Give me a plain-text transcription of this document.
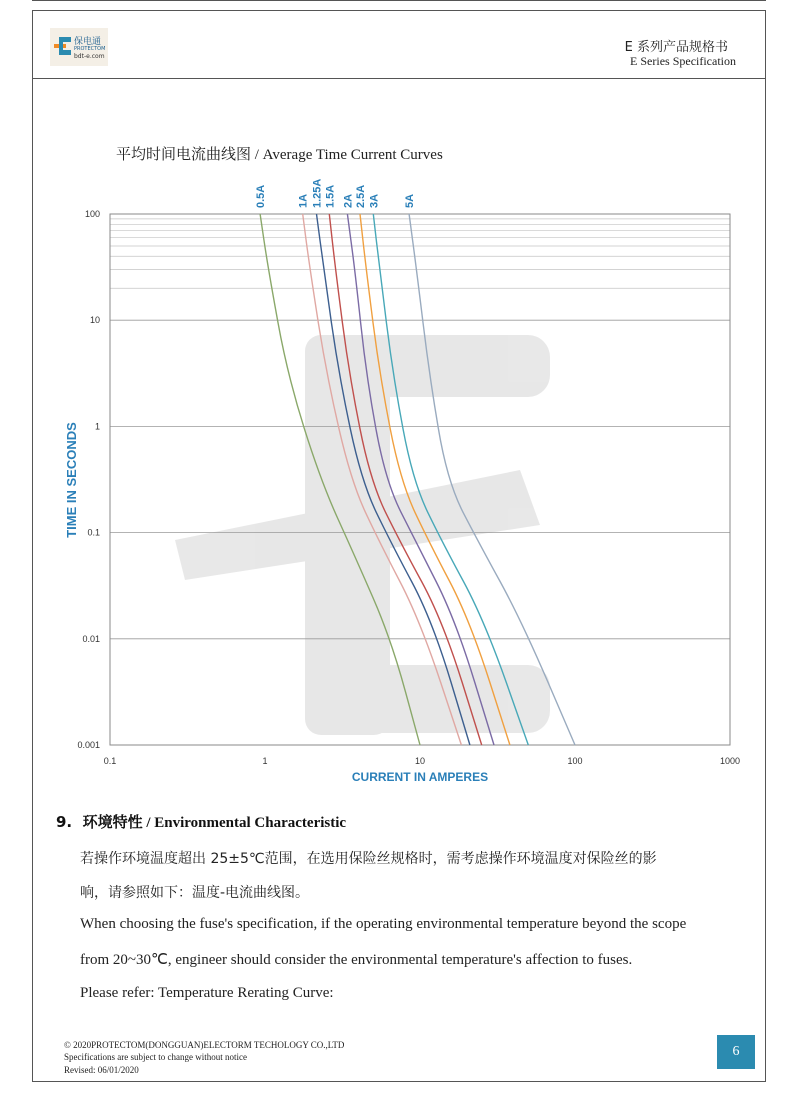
保电通
PROTECTOM
bdt-e.com
E 系列产品规格书
E Series Specification
平均时间电流曲线图 / Average Time Current Curves
0.1	1	10	100	1000
100
10
1
0.1
0.01
0.001
0.5A	1A 1.25A 1.5A 2A 2.5A 3A 5A
CURRENT IN AMPERES
TIME IN SECONDS
9. 环境特性 / Environmental Characteristic
若操作环境温度超出 25±5℃范围，在选用保险丝规格时，需考虑操作环境温度对保险丝的影
响，请参照如下：温度-电流曲线图。
When choosing the fuse's specification, if the operating environmental temperature beyond the scope
from 20~30℃, engineer should consider the environmental temperature's affection to fuses.
Please refer: Temperature Rerating Curve:
© 2020PROTECTOM(DONGGUAN)ELECTORM TECHOLOGY CO.,LTD
Specifications are subject to change without notice
Revised: 06/01/2020
6
